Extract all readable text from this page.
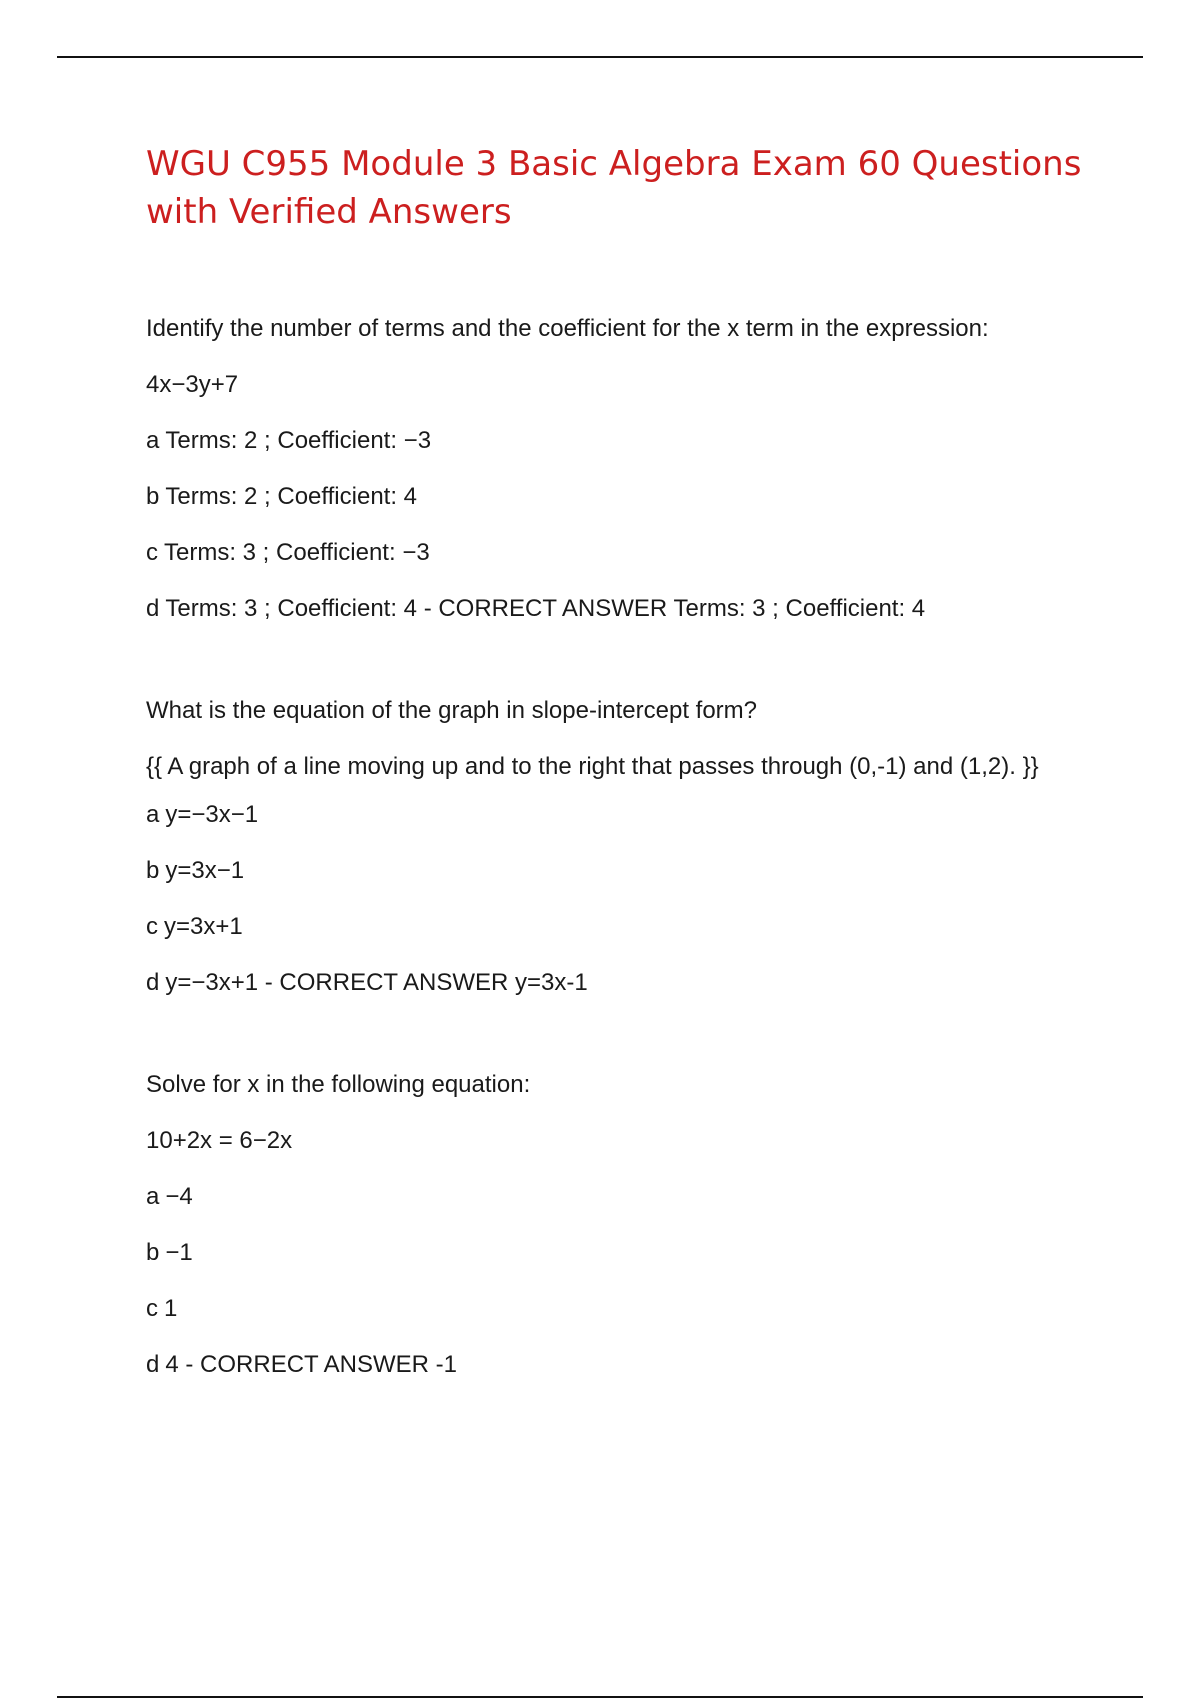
WGU C955 Module 3 Basic Algebra Exam 60 Questions with Verified Answers

Identify the number of terms and the coefficient for the x term in the expression:

4x−3y+7

a Terms: 2 ; Coefficient: −3

b Terms: 2 ; Coefficient: 4

c Terms: 3 ; Coefficient: −3

d Terms: 3 ; Coefficient: 4 - CORRECT ANSWER Terms: 3 ; Coefficient: 4

What is the equation of the graph in slope-intercept form?

{{ A graph of a line moving up and to the right that passes through (0,-1) and (1,2). }}

a y=−3x−1

b y=3x−1

c y=3x+1

d y=−3x+1 - CORRECT ANSWER y=3x-1

Solve for x in the following equation:

10+2x = 6−2x

a −4

b −1

c 1

d 4 - CORRECT ANSWER -1
